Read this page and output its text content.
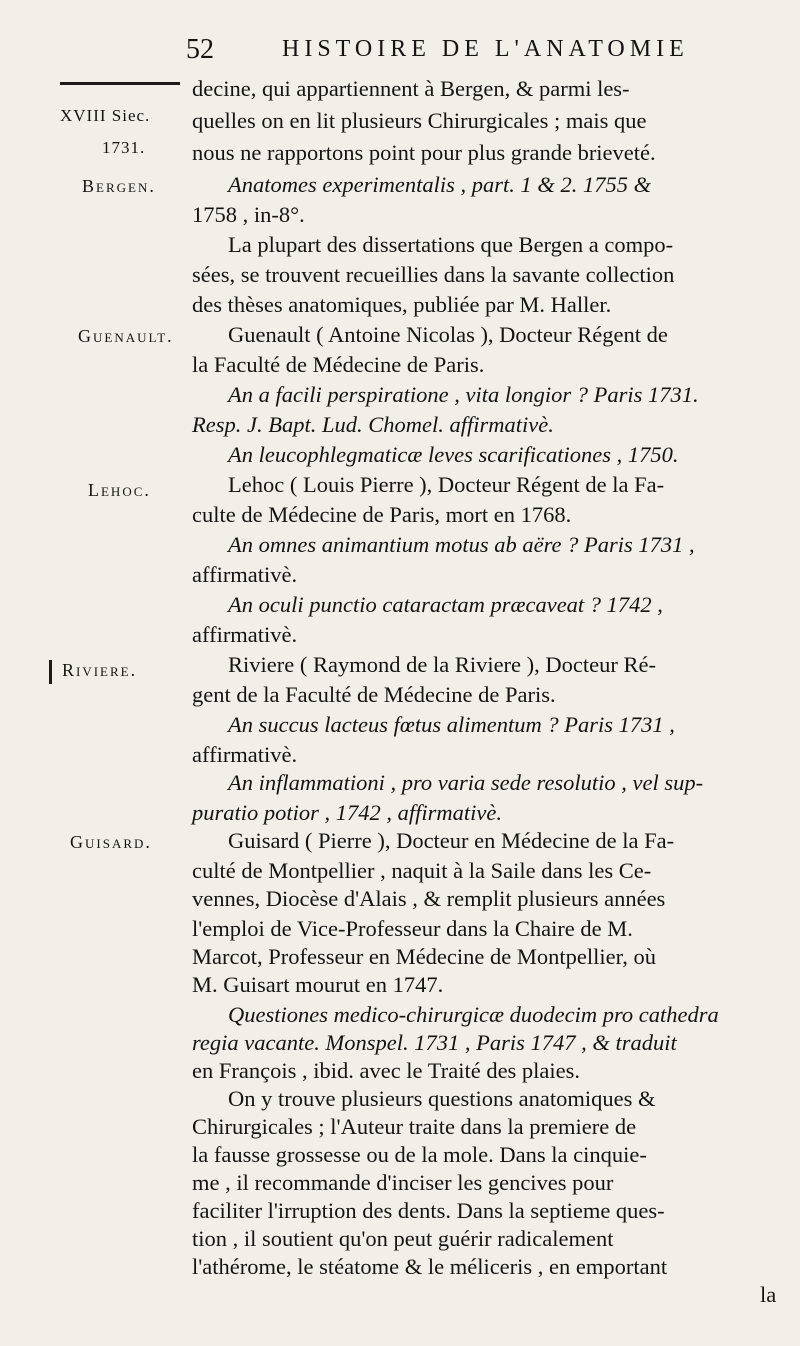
52	HISTOIRE DE L'ANATOMIE
XVIII Siec.
1731.
Bergen.
Guenault.
Lehoc.
Riviere.
Guisard.
decine, qui appartiennent à Bergen, & parmi les-
quelles on en lit plusieurs Chirurgicales ; mais que
nous ne rapportons point pour plus grande brieveté.
Anatomes experimentalis , part. 1 & 2. 1755 &
1758 , in-8°.
La plupart des dissertations que Bergen a compo-
sées, se trouvent recueillies dans la savante collection
des thèses anatomiques, publiée par M. Haller.
Guenault ( Antoine Nicolas ), Docteur Régent de
la Faculté de Médecine de Paris.
An a facili perspiratione , vita longior ? Paris 1731.
Resp. J. Bapt. Lud. Chomel. affirmativè.
An leucophlegmaticæ leves scarificationes , 1750.
Lehoc ( Louis Pierre ), Docteur Régent de la Fa-
culte de Médecine de Paris, mort en 1768.
An omnes animantium motus ab aëre ? Paris 1731 ,
affirmativè.
An oculi punctio cataractam præcaveat ? 1742 ,
affirmativè.
Riviere ( Raymond de la Riviere ), Docteur Ré-
gent de la Faculté de Médecine de Paris.
An succus lacteus fœtus alimentum ? Paris 1731 ,
affirmativè.
An inflammationi , pro varia sede resolutio , vel sup-
puratio potior , 1742 , affirmativè.
Guisard ( Pierre ), Docteur en Médecine de la Fa-
culté de Montpellier , naquit à la Saile dans les Ce-
vennes, Diocèse d'Alais , & remplit plusieurs années
l'emploi de Vice-Professeur dans la Chaire de M.
Marcot, Professeur en Médecine de Montpellier, où
M. Guisart mourut en 1747.
Questiones medico-chirurgicæ duodecim pro cathedra
regia vacante. Monspel. 1731 , Paris 1747 , & traduit
en François , ibid. avec le Traité des plaies.
On y trouve plusieurs questions anatomiques &
Chirurgicales ; l'Auteur traite dans la premiere de
la fausse grossesse ou de la mole. Dans la cinquie-
me , il recommande d'inciser les gencives pour
faciliter l'irruption des dents. Dans la septieme ques-
tion , il soutient qu'on peut guérir radicalement
l'athérome, le stéatome & le méliceris , en emportant
la
